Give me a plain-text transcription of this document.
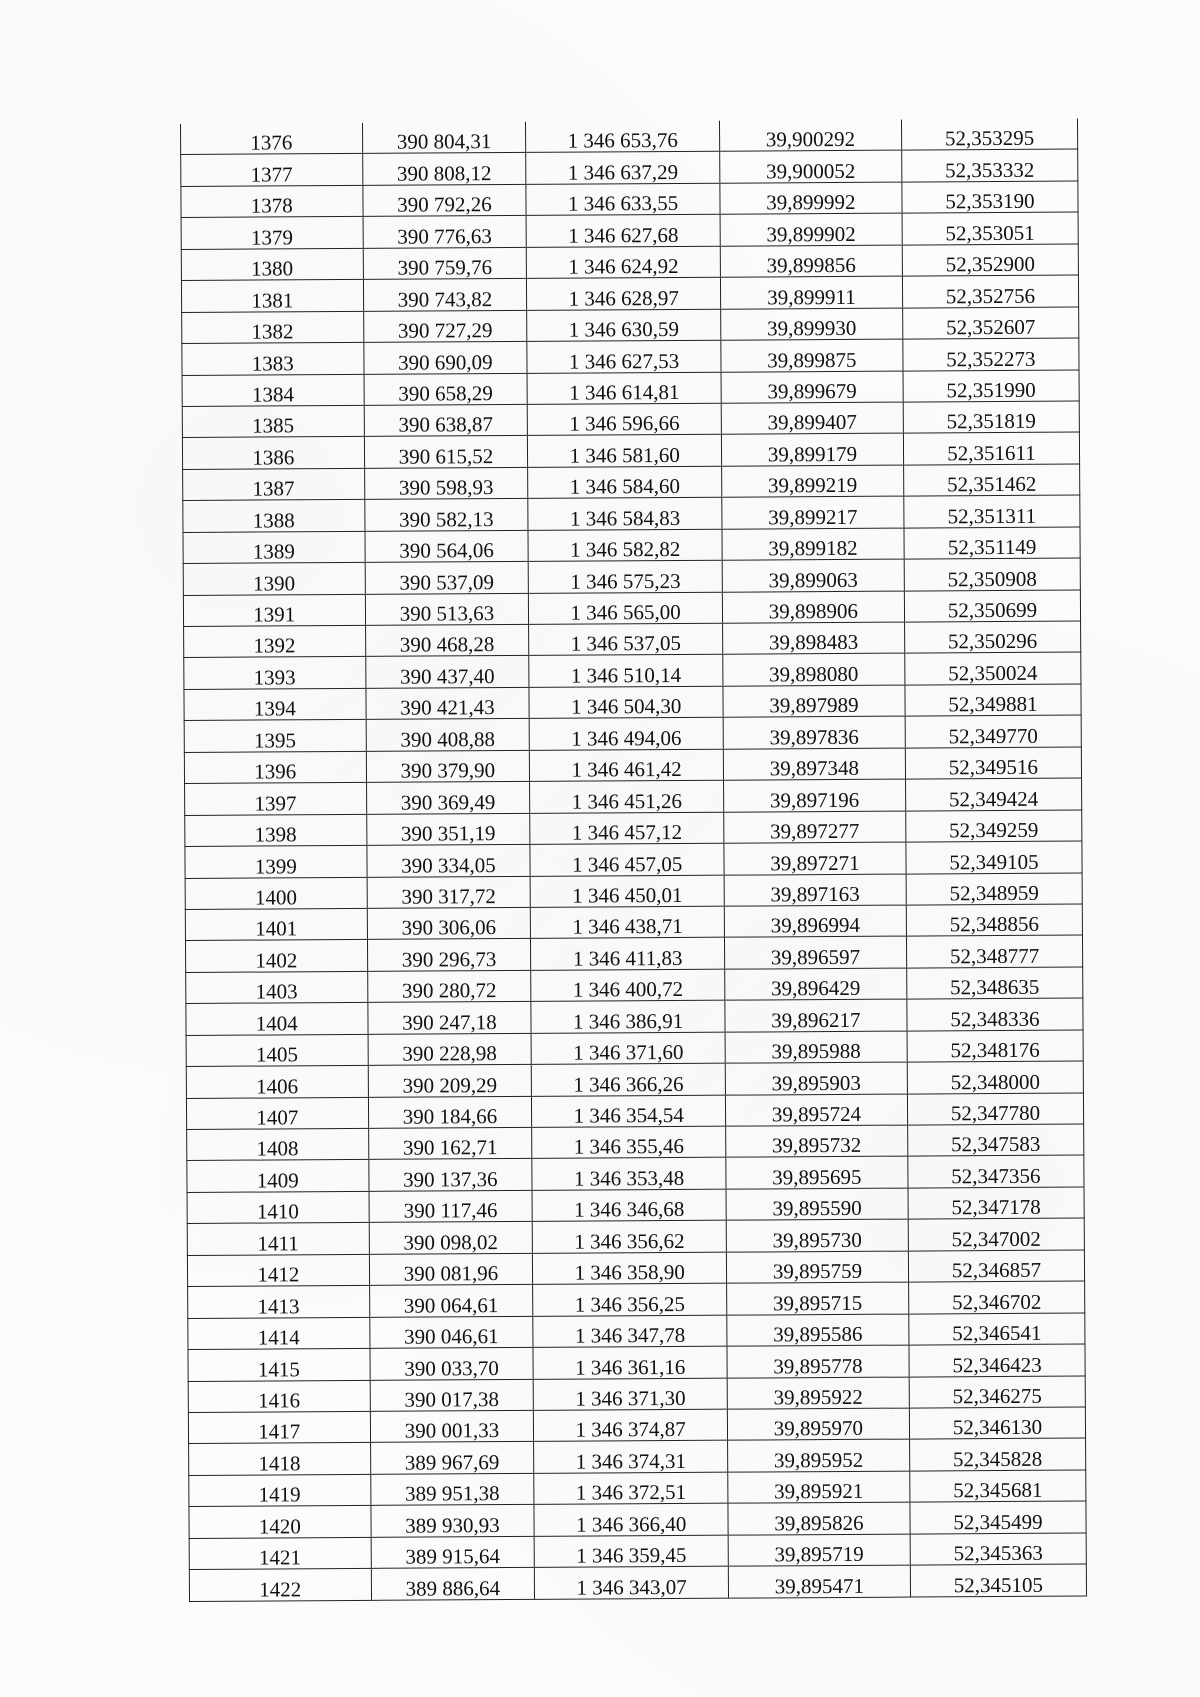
1376	390 804,31	1 346 653,76	39,900292	52,353295
1377	390 808,12	1 346 637,29	39,900052	52,353332
1378	390 792,26	1 346 633,55	39,899992	52,353190
1379	390 776,63	1 346 627,68	39,899902	52,353051
1380	390 759,76	1 346 624,92	39,899856	52,352900
1381	390 743,82	1 346 628,97	39,899911	52,352756
1382	390 727,29	1 346 630,59	39,899930	52,352607
1383	390 690,09	1 346 627,53	39,899875	52,352273
1384	390 658,29	1 346 614,81	39,899679	52,351990
1385	390 638,87	1 346 596,66	39,899407	52,351819
1386	390 615,52	1 346 581,60	39,899179	52,351611
1387	390 598,93	1 346 584,60	39,899219	52,351462
1388	390 582,13	1 346 584,83	39,899217	52,351311
1389	390 564,06	1 346 582,82	39,899182	52,351149
1390	390 537,09	1 346 575,23	39,899063	52,350908
1391	390 513,63	1 346 565,00	39,898906	52,350699
1392	390 468,28	1 346 537,05	39,898483	52,350296
1393	390 437,40	1 346 510,14	39,898080	52,350024
1394	390 421,43	1 346 504,30	39,897989	52,349881
1395	390 408,88	1 346 494,06	39,897836	52,349770
1396	390 379,90	1 346 461,42	39,897348	52,349516
1397	390 369,49	1 346 451,26	39,897196	52,349424
1398	390 351,19	1 346 457,12	39,897277	52,349259
1399	390 334,05	1 346 457,05	39,897271	52,349105
1400	390 317,72	1 346 450,01	39,897163	52,348959
1401	390 306,06	1 346 438,71	39,896994	52,348856
1402	390 296,73	1 346 411,83	39,896597	52,348777
1403	390 280,72	1 346 400,72	39,896429	52,348635
1404	390 247,18	1 346 386,91	39,896217	52,348336
1405	390 228,98	1 346 371,60	39,895988	52,348176
1406	390 209,29	1 346 366,26	39,895903	52,348000
1407	390 184,66	1 346 354,54	39,895724	52,347780
1408	390 162,71	1 346 355,46	39,895732	52,347583
1409	390 137,36	1 346 353,48	39,895695	52,347356
1410	390 117,46	1 346 346,68	39,895590	52,347178
1411	390 098,02	1 346 356,62	39,895730	52,347002
1412	390 081,96	1 346 358,90	39,895759	52,346857
1413	390 064,61	1 346 356,25	39,895715	52,346702
1414	390 046,61	1 346 347,78	39,895586	52,346541
1415	390 033,70	1 346 361,16	39,895778	52,346423
1416	390 017,38	1 346 371,30	39,895922	52,346275
1417	390 001,33	1 346 374,87	39,895970	52,346130
1418	389 967,69	1 346 374,31	39,895952	52,345828
1419	389 951,38	1 346 372,51	39,895921	52,345681
1420	389 930,93	1 346 366,40	39,895826	52,345499
1421	389 915,64	1 346 359,45	39,895719	52,345363
1422	389 886,64	1 346 343,07	39,895471	52,345105
